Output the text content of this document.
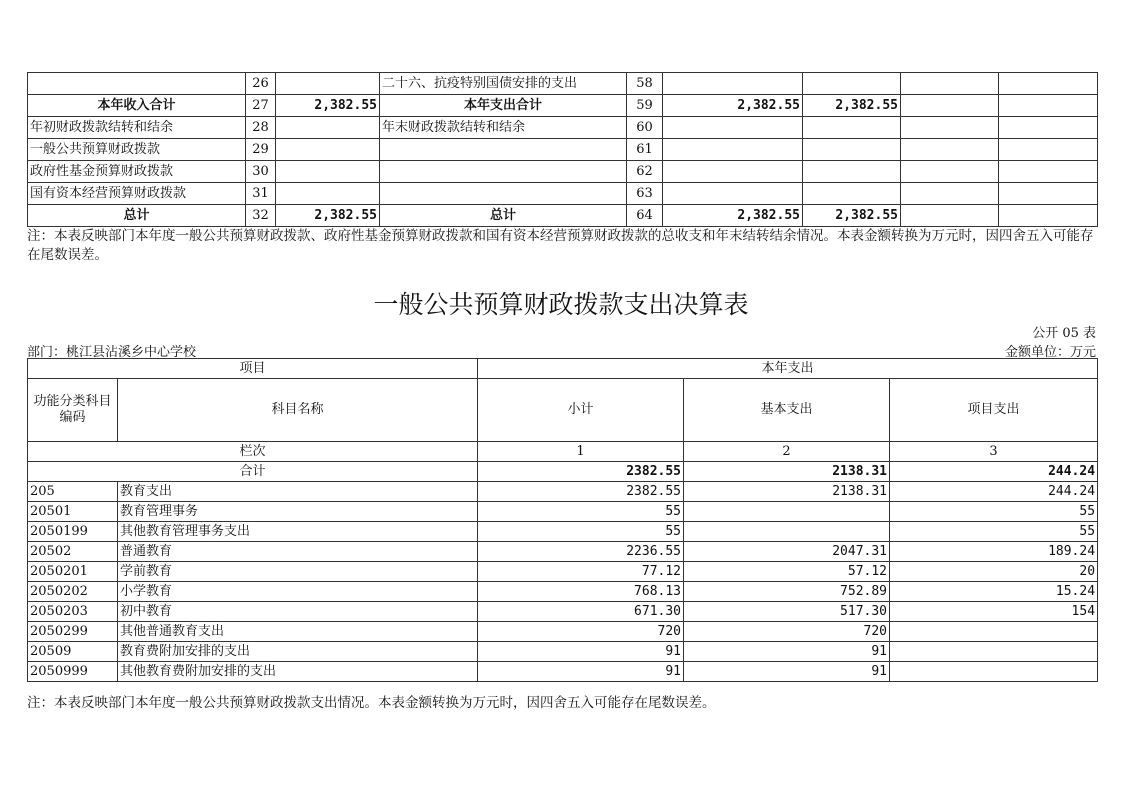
	26		二十六、抗疫特别国债安排的支出	58				
本年收入合计	27	2,382.55	本年支出合计	59	2,382.55	2,382.55		
年初财政拨款结转和结余	28		年末财政拨款结转和结余	60				
一般公共预算财政拨款	29			61				
政府性基金预算财政拨款	30			62				
国有资本经营预算财政拨款	31			63				
总计	32	2,382.55	总计	64	2,382.55	2,382.55		
注：本表反映部门本年度一般公共预算财政拨款、政府性基金预算财政拨款和国有资本经营预算财政拨款的总收支和年末结转结余情况。本表金额转换为万元时，因四舍五入可能存在尾数误差。
一般公共预算财政拨款支出决算表
公开 05 表
部门：桃江县沾溪乡中心学校	金额单位：万元
项目		本年支出		
功能分类科目编码	科目名称	小计	基本支出	项目支出
栏次		1	2	3
合计		2382.55	2138.31	244.24
205	教育支出	2382.55	2138.31	244.24
20501	教育管理事务	55		55
2050199	其他教育管理事务支出	55		55
20502	普通教育	2236.55	2047.31	189.24
2050201	学前教育	77.12	57.12	20
2050202	小学教育	768.13	752.89	15.24
2050203	初中教育	671.30	517.30	154
2050299	其他普通教育支出	720	720	
20509	教育费附加安排的支出	91	91	
2050999	其他教育费附加安排的支出	91	91	
注：本表反映部门本年度一般公共预算财政拨款支出情况。本表金额转换为万元时，因四舍五入可能存在尾数误差。
